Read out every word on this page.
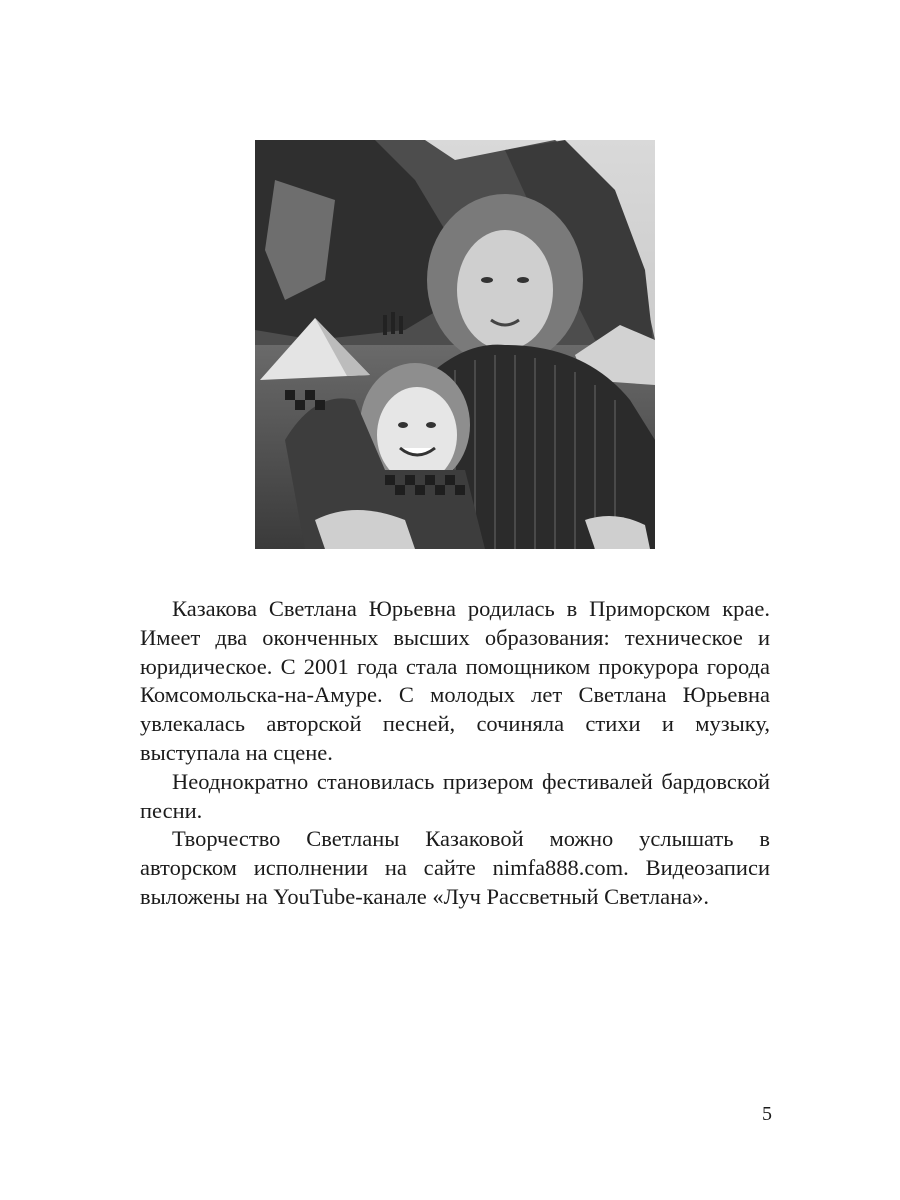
Казакова Светлана Юрьевна родилась в Приморском крае. Имеет два оконченных высших образования: техническое и юридическое. С 2001 года стала помощником прокурора города Комсомольска-на-Амуре. С молодых лет Светлана Юрьевна увлекалась авторской песней, сочиняла стихи и музыку, выступала на сцене.

Неоднократно становилась призером фестивалей бардовской песни.

Творчество Светланы Казаковой можно услышать в авторском исполнении на сайте nimfa888.com. Видеозаписи выложены на YouTube-канале «Луч Рассветный Светлана».

5
